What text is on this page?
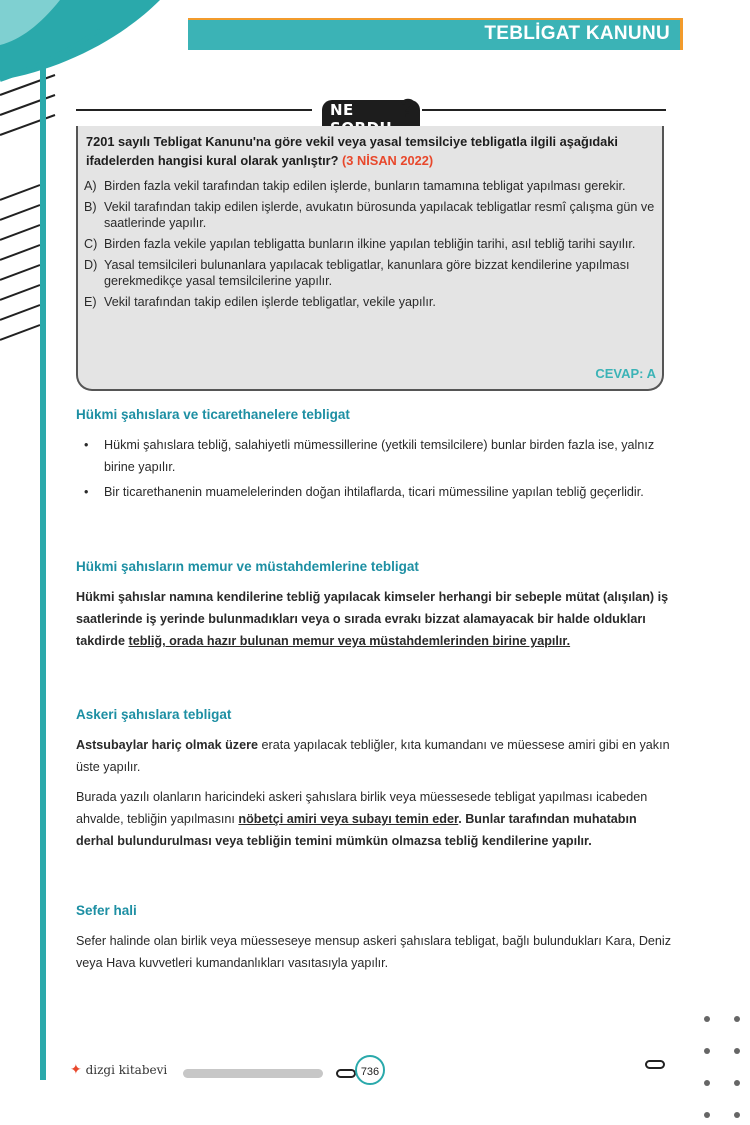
TEBLİGAT KANUNU
NE	?
7201 sayılı Tebligat Kanunu'na göre vekil veya yasal temsilciye tebligatla ilgili aşağıdaki ifadelerden hangisi kural olarak yanlıştır? (3 NİSAN 2022)
A) Birden fazla vekil tarafından takip edilen işlerde, bunların tamamına tebligat yapılması gerekir.
B) Vekil tarafından takip edilen işlerde, avukatın bürosunda yapılacak tebligatlar resmî çalışma gün ve saatlerinde yapılır.
C) Birden fazla vekile yapılan tebligatta bunların ilkine yapılan tebliğin tarihi, asıl tebliğ tarihi sayılır.
D) Yasal temsilcileri bulunanlara yapılacak tebligatlar, kanunlara göre bizzat kendilerine yapılması gerekmedikçe yasal temsilcilerine yapılır.
E) Vekil tarafından takip edilen işlerde tebligatlar, vekile yapılır.
CEVAP: A
Hükmi şahıslara ve ticarethanelere tebligat
• Hükmi şahıslara tebliğ, salahiyetli mümessillerine (yetkili temsilcilere) bunlar birden fazla ise, yalnız birine yapılır.
• Bir ticarethanenin muamelelerinden doğan ihtilaflarda, ticari mümessiline yapılan tebliğ geçerlidir.
Hükmi şahısların memur ve müstahdemlerine tebligat

Hükmi şahıslar namına kendilerine tebliğ yapılacak kimseler herhangi bir sebeple mütat (alışılan) iş saatlerinde iş yerinde bulunmadıkları veya o sırada evrakı bizzat alamayacak bir halde oldukları takdirde tebliğ, orada hazır bulunan memur veya müstahdemlerinden birine yapılır.

Askeri şahıslara tebligat

Astsubaylar hariç olmak üzere erata yapılacak tebliğler, kıta kumandanı ve müessese amiri gibi en yakın üste yapılır.

Burada yazılı olanların haricindeki askeri şahıslara birlik veya müessesede tebligat yapılması icabeden ahvalde, tebliğin yapılmasını nöbetçi amiri veya subayı temin eder. Bunlar tarafından muhatabın derhal bulundurulması veya tebliğin temini mümkün olmazsa tebliğ kendilerine yapılır.

Sefer hali

Sefer halinde olan birlik veya müesseseye mensup askeri şahıslara tebligat, bağlı bulundukları Kara, Deniz veya Hava kuvvetleri kumandanlıkları vasıtasıyla yapılır.

✦ dizgi kitabevi	736
